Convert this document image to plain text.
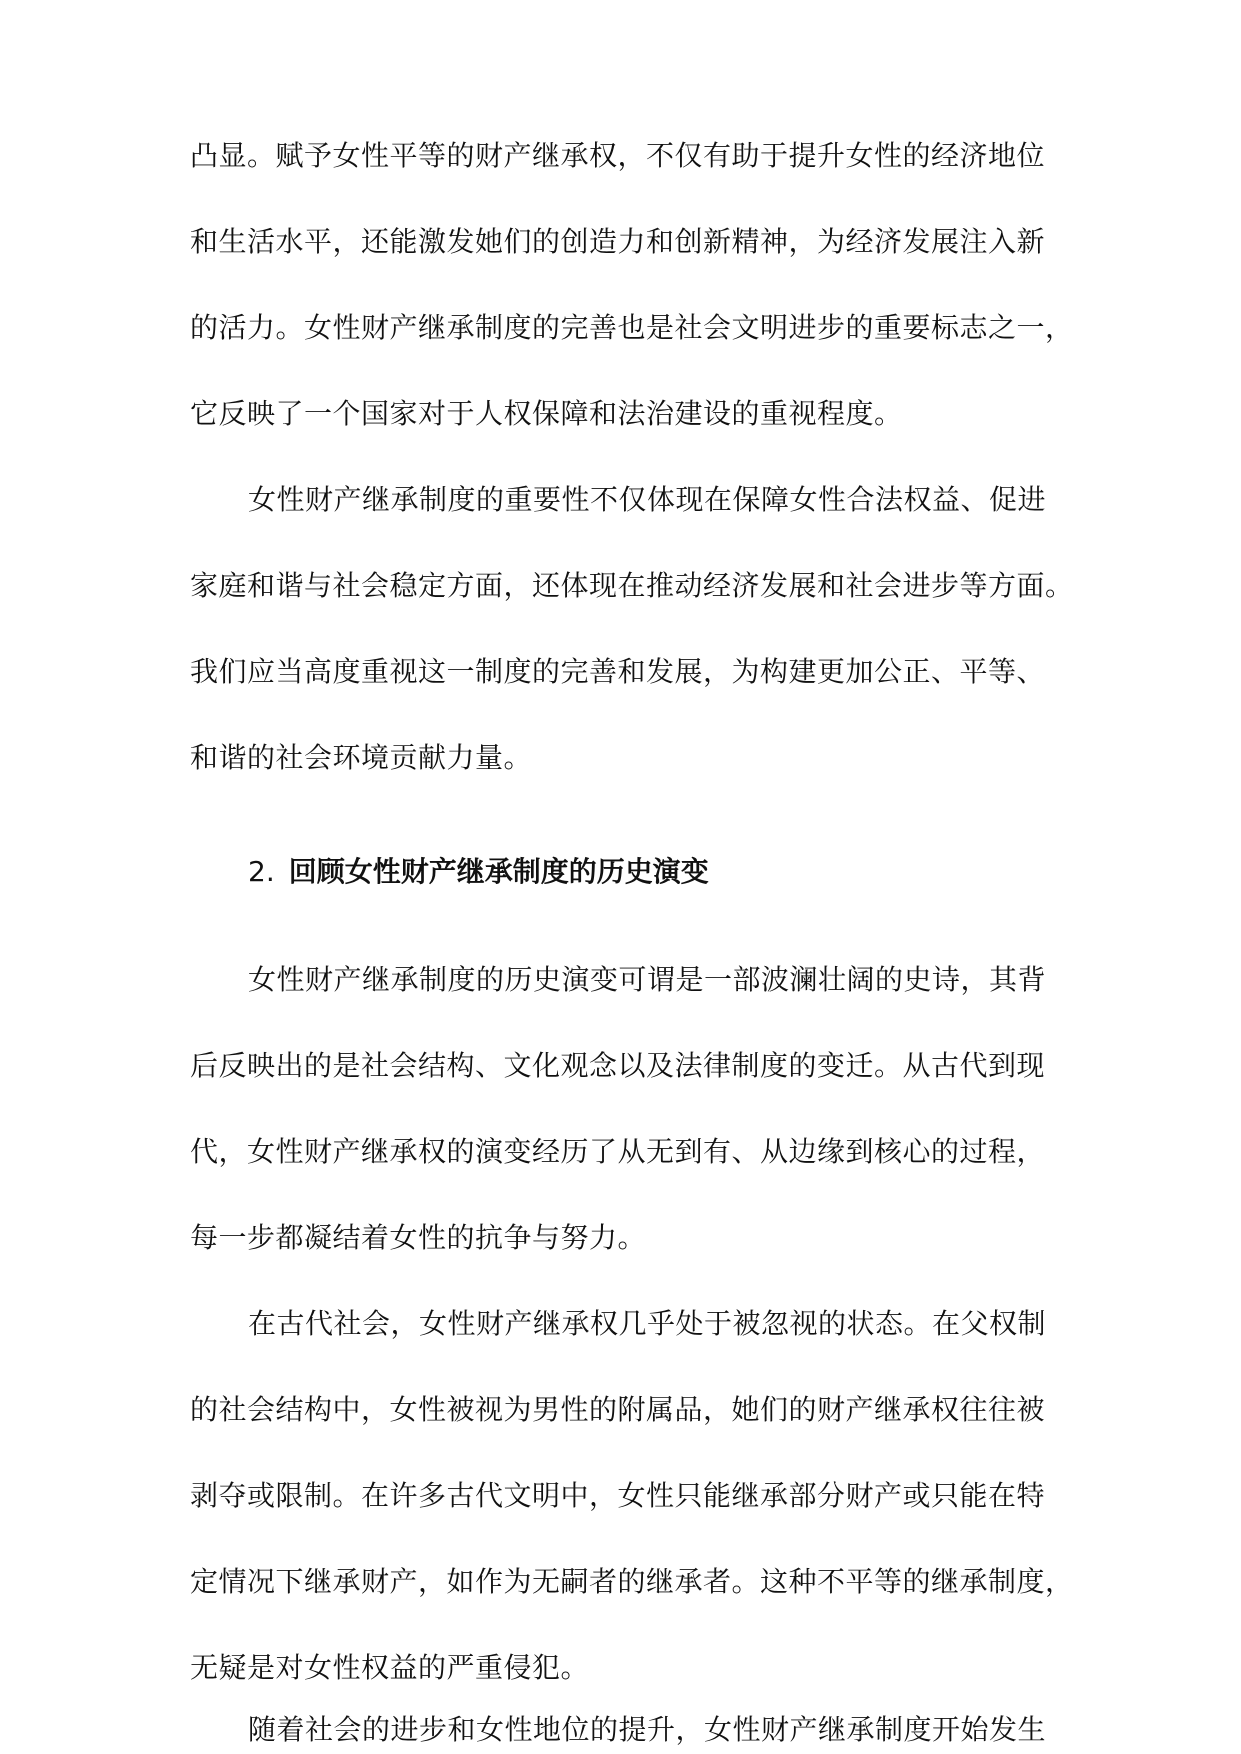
凸显。赋予女性平等的财产继承权，不仅有助于提升女性的经济地位
和生活水平，还能激发她们的创造力和创新精神，为经济发展注入新
的活力。女性财产继承制度的完善也是社会文明进步的重要标志之一，
它反映了一个国家对于人权保障和法治建设的重视程度。
女性财产继承制度的重要性不仅体现在保障女性合法权益、促进
家庭和谐与社会稳定方面，还体现在推动经济发展和社会进步等方面。
我们应当高度重视这一制度的完善和发展，为构建更加公正、平等、
和谐的社会环境贡献力量。
2. 回顾女性财产继承制度的历史演变
女性财产继承制度的历史演变可谓是一部波澜壮阔的史诗，其背
后反映出的是社会结构、文化观念以及法律制度的变迁。从古代到现
代，女性财产继承权的演变经历了从无到有、从边缘到核心的过程，
每一步都凝结着女性的抗争与努力。
在古代社会，女性财产继承权几乎处于被忽视的状态。在父权制
的社会结构中，女性被视为男性的附属品，她们的财产继承权往往被
剥夺或限制。在许多古代文明中，女性只能继承部分财产或只能在特
定情况下继承财产，如作为无嗣者的继承者。这种不平等的继承制度，
无疑是对女性权益的严重侵犯。
随着社会的进步和女性地位的提升，女性财产继承制度开始发生
